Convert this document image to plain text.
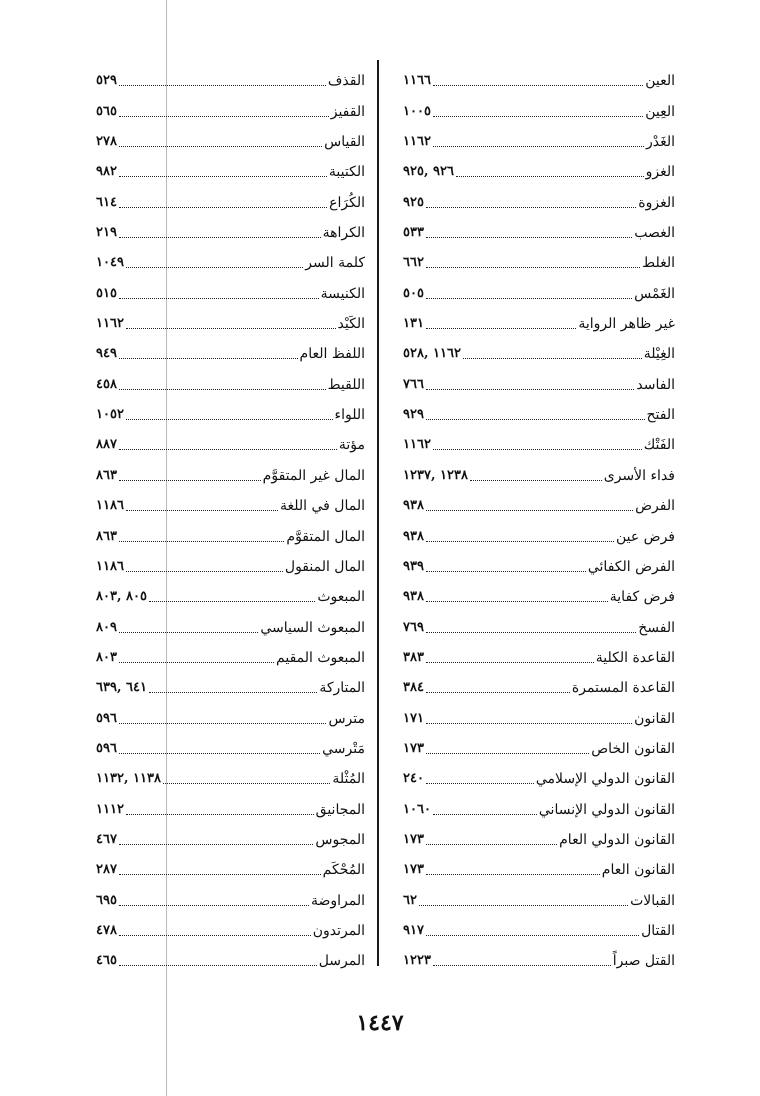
العين
١١٦٦
العِين
١٠٠٥
الغَدْر
١١٦٢
الغزو
٩٢٦ ,٩٢٥
الغزوة
٩٢٥
الغصب
٥٣٣
الغلط
٦٦٢
الغَمْس
٥٠٥
غير ظاهر الرواية
١٣١
الغِيْلة
١١٦٢ ,٥٢٨
الفاسد
٧٦٦
الفتح
٩٢٩
الفَتْك
١١٦٢
فداء الأسرى
١٢٣٨ ,١٢٣٧
الفرض
٩٣٨
فرض عين
٩٣٨
الفرض الكفائي
٩٣٩
فرض كفاية
٩٣٨
الفسخ
٧٦٩
القاعدة الكلية
٣٨٣
القاعدة المستمرة
٣٨٤
القانون
١٧١
القانون الخاص
١٧٣
القانون الدولي الإسلامي
٢٤٠
القانون الدولي الإنساني
١٠٦٠
القانون الدولي العام
١٧٣
القانون العام
١٧٣
القبالات
٦٢
القتال
٩١٧
القتل صبراً
١٢٢٣
القذف
٥٢٩
القفيز
٥٦٥
القياس
٢٧٨
الكتيبة
٩٨٢
الكُرَاع
٦١٤
الكراهة
٢١٩
كلمة السر
١٠٤٩
الكنيسة
٥١٥
الكَيْد
١١٦٢
اللفظ العام
٩٤٩
اللقيط
٤٥٨
اللواء
١٠٥٢
مؤتة
٨٨٧
المال غير المتقوَّم
٨٦٣
المال في اللغة
١١٨٦
المال المتقوَّم
٨٦٣
المال المنقول
١١٨٦
المبعوث
٨٠٥ ,٨٠٣
المبعوث السياسي
٨٠٩
المبعوث المقيم
٨٠٣
المتاركة
٦٤١ ,٦٣٩
مترس
٥٩٦
مَتْرسي
٥٩٦
المُثْلة
١١٣٨ ,١١٣٢
المجانيق
١١١٢
المجوس
٤٦٧
المُحْكَم
٢٨٧
المراوضة
٦٩٥
المرتدون
٤٧٨
المرسل
٤٦٥
١٤٤٧
